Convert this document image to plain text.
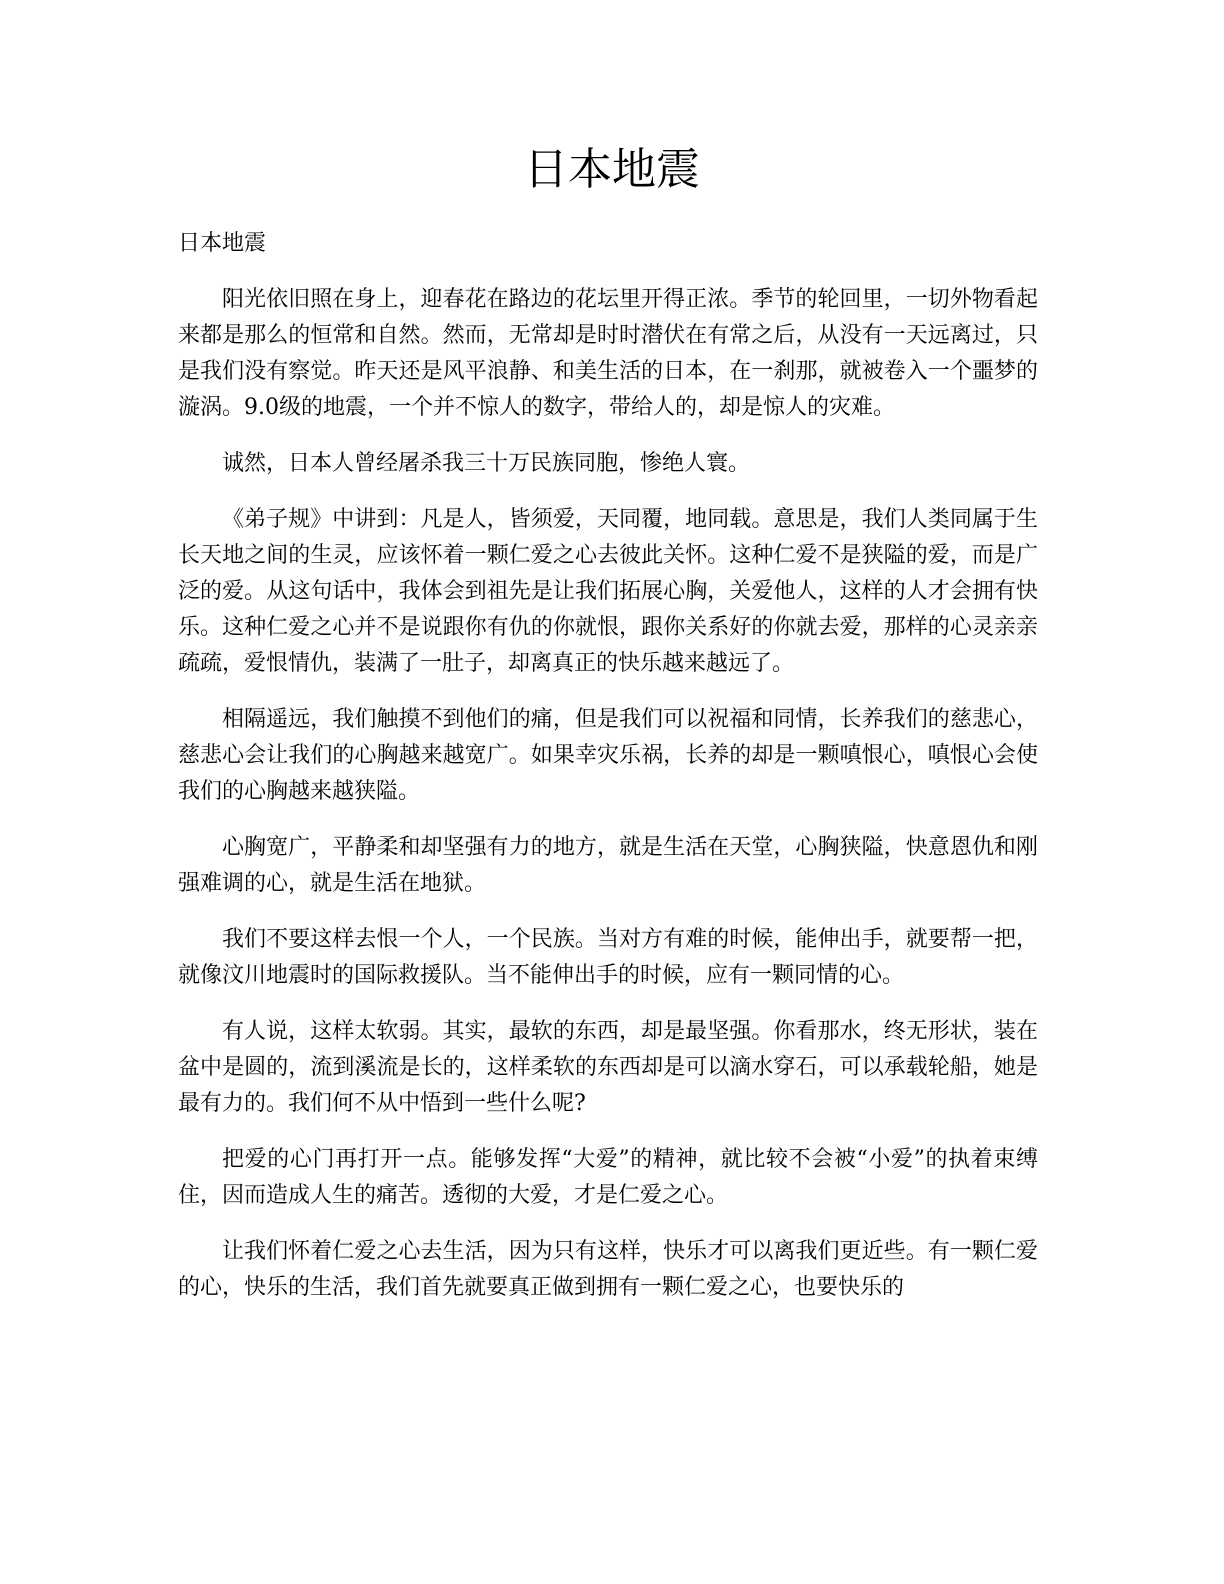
日本地震

日本地震

阳光依旧照在身上，迎春花在路边的花坛里开得正浓。季节的轮回里，一切外物看起来都是那么的恒常和自然。然而，无常却是时时潜伏在有常之后，从没有一天远离过，只是我们没有察觉。昨天还是风平浪静、和美生活的日本，在一刹那，就被卷入一个噩梦的漩涡。9.0级的地震，一个并不惊人的数字，带给人的，却是惊人的灾难。

诚然，日本人曾经屠杀我三十万民族同胞，惨绝人寰。

《弟子规》中讲到：凡是人，皆须爱，天同覆，地同载。意思是，我们人类同属于生长天地之间的生灵，应该怀着一颗仁爱之心去彼此关怀。这种仁爱不是狭隘的爱，而是广泛的爱。从这句话中，我体会到祖先是让我们拓展心胸，关爱他人，这样的人才会拥有快乐。这种仁爱之心并不是说跟你有仇的你就恨，跟你关系好的你就去爱，那样的心灵亲亲疏疏，爱恨情仇，装满了一肚子，却离真正的快乐越来越远了。

相隔遥远，我们触摸不到他们的痛，但是我们可以祝福和同情，长养我们的慈悲心，慈悲心会让我们的心胸越来越宽广。如果幸灾乐祸，长养的却是一颗嗔恨心，嗔恨心会使我们的心胸越来越狭隘。

心胸宽广，平静柔和却坚强有力的地方，就是生活在天堂，心胸狭隘，快意恩仇和刚强难调的心，就是生活在地狱。

我们不要这样去恨一个人，一个民族。当对方有难的时候，能伸出手，就要帮一把，就像汶川地震时的国际救援队。当不能伸出手的时候，应有一颗同情的心。

有人说，这样太软弱。其实，最软的东西，却是最坚强。你看那水，终无形状，装在盆中是圆的，流到溪流是长的，这样柔软的东西却是可以滴水穿石，可以承载轮船，她是最有力的。我们何不从中悟到一些什么呢?

把爱的心门再打开一点。能够发挥“大爱”的精神，就比较不会被“小爱”的执着束缚住，因而造成人生的痛苦。透彻的大爱，才是仁爱之心。

让我们怀着仁爱之心去生活，因为只有这样，快乐才可以离我们更近些。有一颗仁爱的心，快乐的生活，我们首先就要真正做到拥有一颗仁爱之心，也要快乐的
